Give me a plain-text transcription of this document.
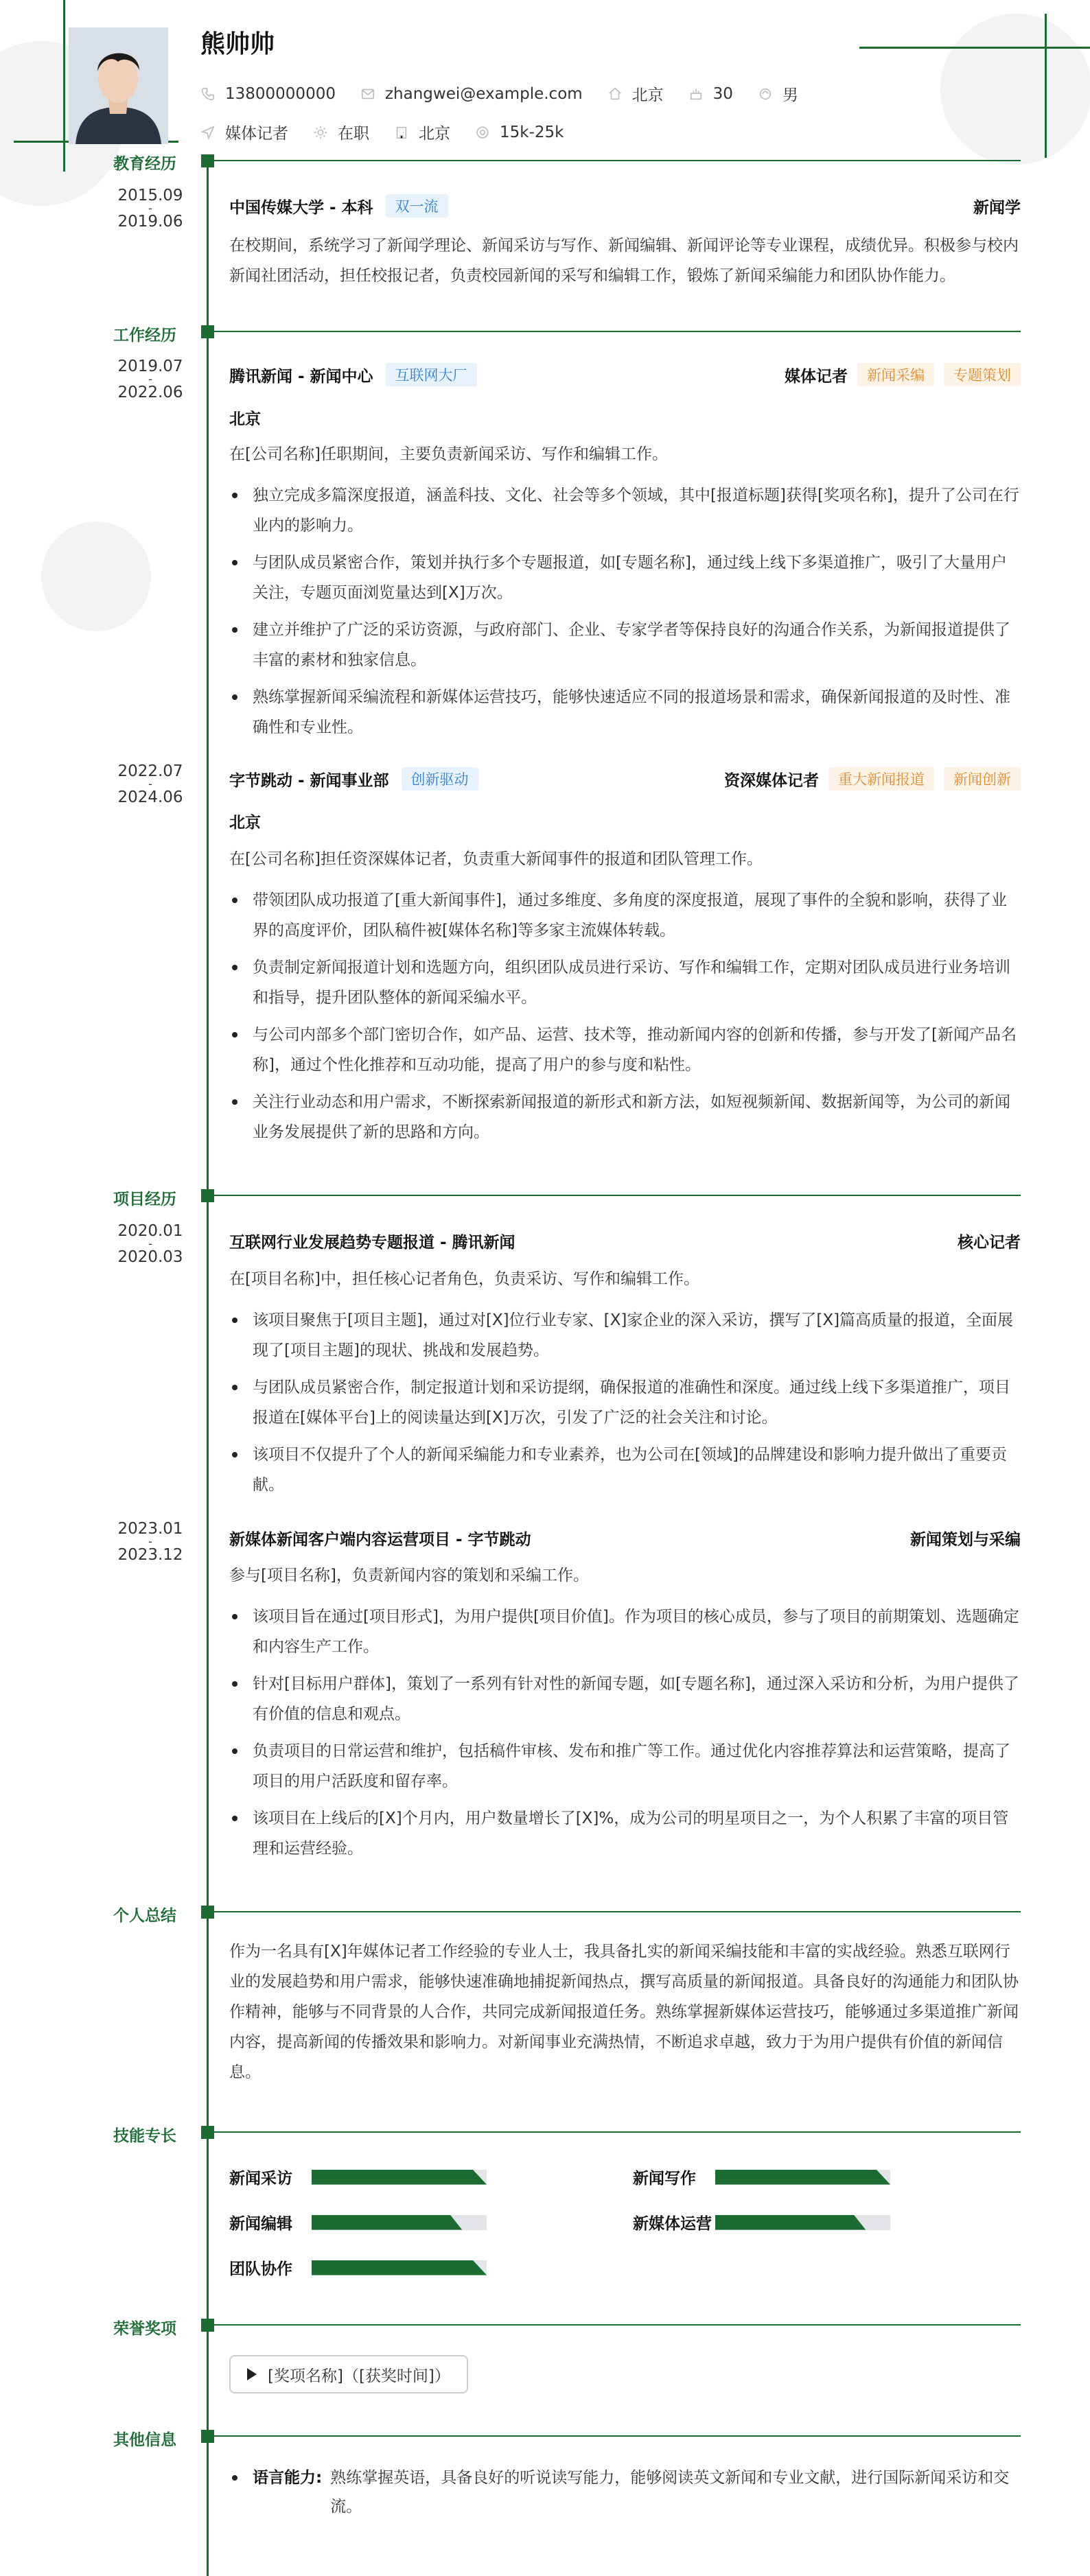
熊帅帅
13800000000	zhangwei@example.com	北京	30	男
媒体记者	在职	北京	15k-25k
教育经历
2015.09
-
2019.06
中国传媒大学 - 本科	双一流	新闻学
在校期间，系统学习了新闻学理论、新闻采访与写作、新闻编辑、新闻评论等专业课程，成绩优异。积极参与校内新闻社团活动，担任校报记者，负责校园新闻的采写和编辑工作，锻炼了新闻采编能力和团队协作能力。
工作经历
2019.07
-
2022.06
腾讯新闻 - 新闻中心	互联网大厂	媒体记者	新闻采编	专题策划
北京
在[公司名称]任职期间，主要负责新闻采访、写作和编辑工作。
独立完成多篇深度报道，涵盖科技、文化、社会等多个领域，其中[报道标题]获得[奖项名称]，提升了公司在行业内的影响力。
与团队成员紧密合作，策划并执行多个专题报道，如[专题名称]，通过线上线下多渠道推广，吸引了大量用户关注，专题页面浏览量达到[X]万次。
建立并维护了广泛的采访资源，与政府部门、企业、专家学者等保持良好的沟通合作关系，为新闻报道提供了丰富的素材和独家信息。
熟练掌握新闻采编流程和新媒体运营技巧，能够快速适应不同的报道场景和需求，确保新闻报道的及时性、准确性和专业性。
2022.07
-
2024.06
字节跳动 - 新闻事业部	创新驱动	资深媒体记者	重大新闻报道	新闻创新
北京
在[公司名称]担任资深媒体记者，负责重大新闻事件的报道和团队管理工作。
带领团队成功报道了[重大新闻事件]，通过多维度、多角度的深度报道，展现了事件的全貌和影响，获得了业界的高度评价，团队稿件被[媒体名称]等多家主流媒体转载。
负责制定新闻报道计划和选题方向，组织团队成员进行采访、写作和编辑工作，定期对团队成员进行业务培训和指导，提升团队整体的新闻采编水平。
与公司内部多个部门密切合作，如产品、运营、技术等，推动新闻内容的创新和传播，参与开发了[新闻产品名称]，通过个性化推荐和互动功能，提高了用户的参与度和粘性。
关注行业动态和用户需求，不断探索新闻报道的新形式和新方法，如短视频新闻、数据新闻等，为公司的新闻业务发展提供了新的思路和方向。
项目经历
2020.01
-
2020.03
互联网行业发展趋势专题报道 - 腾讯新闻	核心记者
在[项目名称]中，担任核心记者角色，负责采访、写作和编辑工作。
该项目聚焦于[项目主题]，通过对[X]位行业专家、[X]家企业的深入采访，撰写了[X]篇高质量的报道，全面展现了[项目主题]的现状、挑战和发展趋势。
与团队成员紧密合作，制定报道计划和采访提纲，确保报道的准确性和深度。通过线上线下多渠道推广，项目报道在[媒体平台]上的阅读量达到[X]万次，引发了广泛的社会关注和讨论。
该项目不仅提升了个人的新闻采编能力和专业素养，也为公司在[领域]的品牌建设和影响力提升做出了重要贡献。
2023.01
-
2023.12
新媒体新闻客户端内容运营项目 - 字节跳动	新闻策划与采编
参与[项目名称]，负责新闻内容的策划和采编工作。
该项目旨在通过[项目形式]，为用户提供[项目价值]。作为项目的核心成员，参与了项目的前期策划、选题确定和内容生产工作。
针对[目标用户群体]，策划了一系列有针对性的新闻专题，如[专题名称]，通过深入采访和分析，为用户提供了有价值的信息和观点。
负责项目的日常运营和维护，包括稿件审核、发布和推广等工作。通过优化内容推荐算法和运营策略，提高了项目的用户活跃度和留存率。
该项目在上线后的[X]个月内，用户数量增长了[X]%，成为公司的明星项目之一，为个人积累了丰富的项目管理和运营经验。
个人总结
作为一名具有[X]年媒体记者工作经验的专业人士，我具备扎实的新闻采编技能和丰富的实战经验。熟悉互联网行业的发展趋势和用户需求，能够快速准确地捕捉新闻热点，撰写高质量的新闻报道。具备良好的沟通能力和团队协作精神，能够与不同背景的人合作，共同完成新闻报道任务。熟练掌握新媒体运营技巧，能够通过多渠道推广新闻内容，提高新闻的传播效果和影响力。对新闻事业充满热情，不断追求卓越，致力于为用户提供有价值的新闻信息。
技能专长
新闻采访	新闻写作
新闻编辑	新媒体运营
团队协作
荣誉奖项
[奖项名称]（[获奖时间]）
其他信息
语言能力: 熟练掌握英语，具备良好的听说读写能力，能够阅读英文新闻和专业文献，进行国际新闻采访和交流。
